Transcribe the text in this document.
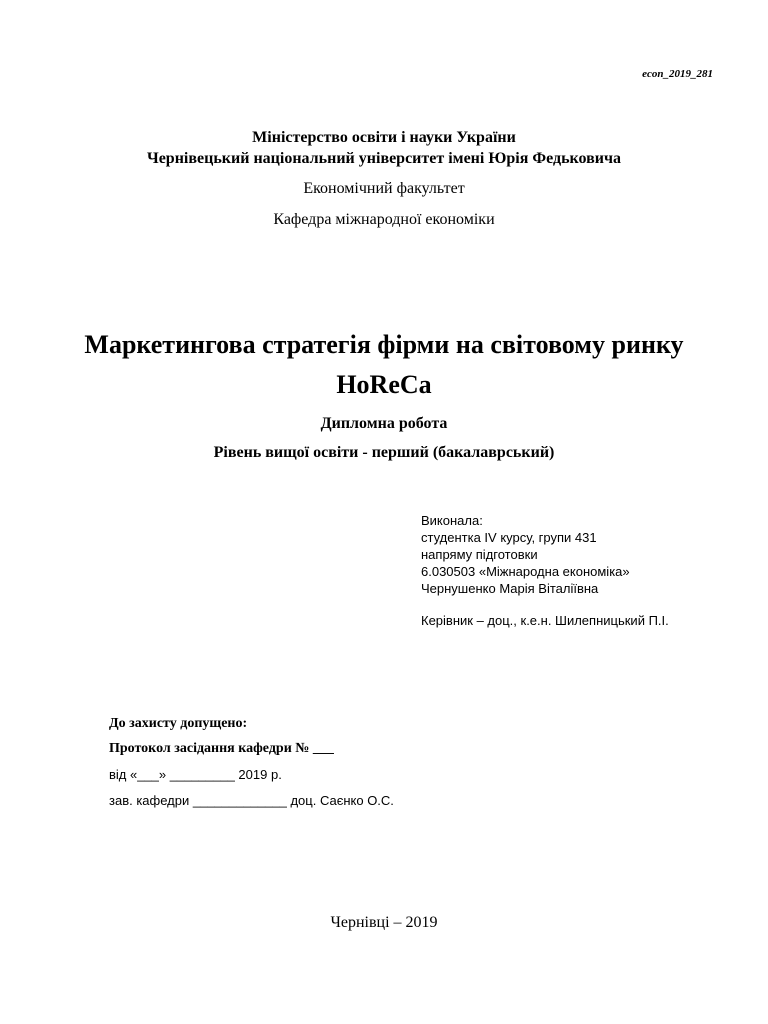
econ_2019_281
Міністерство освіти і науки України
Чернівецький національний університет імені Юрія Федьковича
Економічний факультет
Кафедра міжнародної економіки
Маркетингова стратегія фірми на світовому ринку
HoReCa
Дипломна робота
Рівень вищої освіти - перший (бакалаврський)
Виконала:
студентка IV курсу, групи 431
напряму підготовки
6.030503 «Міжнародна економіка»
Чернушенко Марія Віталіївна
Керівник – доц., к.е.н. Шилепницький П.І.
До захисту допущено:
Протокол засідання кафедри № ___
від «___» _________ 2019 р.
зав. кафедри _____________ доц. Саєнко О.С.
Чернівці – 2019
